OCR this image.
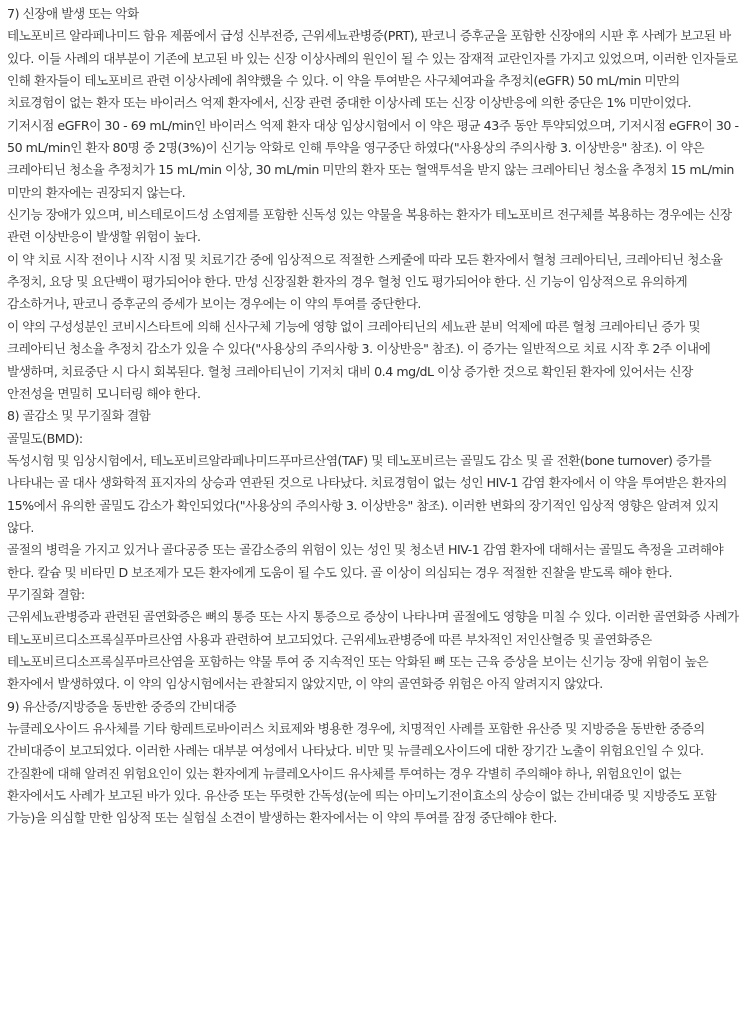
7) 신장애 발생 또는 악화

테노포비르 알라페나미드 함유 제품에서 급성 신부전증, 근위세뇨관병증(PRT), 판코니 증후군을 포함한 신장애의 시판 후 사례가 보고된 바 있다. 이들 사례의 대부분이 기존에 보고된 바 있는 신장 이상사례의 원인이 될 수 있는 잠재적 교란인자를 가지고 있었으며, 이러한 인자들로 인해 환자들이 테노포비르 관련 이상사례에 취약했을 수 있다. 이 약을 투여받은 사구체여과율 추정치(eGFR) 50 mL/min 미만의 치료경험이 없는 환자 또는 바이러스 억제 환자에서, 신장 관련 중대한 이상사례 또는 신장 이상반응에 의한 중단은 1% 미만이었다. 기저시점 eGFR이 30 - 69 mL/min인 바이러스 억제 환자 대상 임상시험에서 이 약은 평균 43주 동안 투약되었으며, 기저시점 eGFR이 30 - 50 mL/min인 환자 80명 중 2명(3%)이 신기능 악화로 인해 투약을 영구중단 하였다("사용상의 주의사항 3. 이상반응" 참조). 이 약은 크레아티닌 청소율 추정치가 15 mL/min 이상, 30 mL/min 미만의 환자 또는 혈액투석을 받지 않는 크레아티닌 청소율 추정치 15 mL/min 미만의 환자에는 권장되지 않는다.

신기능 장애가 있으며, 비스테로이드성 소염제를 포함한 신독성 있는 약물을 복용하는 환자가 테노포비르 전구체를 복용하는 경우에는 신장 관련 이상반응이 발생할 위험이 높다.

이 약 치료 시작 전이나 시작 시점 및 치료기간 중에 임상적으로 적절한 스케줄에 따라 모든 환자에서 혈청 크레아티닌, 크레아티닌 청소율 추정치, 요당 및 요단백이 평가되어야 한다. 만성 신장질환 환자의 경우 혈청 인도 평가되어야 한다. 신 기능이 임상적으로 유의하게 감소하거나, 판코니 증후군의 증세가 보이는 경우에는 이 약의 투여를 중단한다.

이 약의 구성성분인 코비시스타트에 의해 신사구체 기능에 영향 없이 크레아티닌의 세뇨관 분비 억제에 따른 혈청 크레아티닌 증가 및 크레아티닌 청소율 추정치 감소가 있을 수 있다("사용상의 주의사항 3. 이상반응" 참조). 이 증가는 일반적으로 치료 시작 후 2주 이내에 발생하며, 치료중단 시 다시 회복된다. 혈청 크레아티닌이 기저치 대비 0.4 mg/dL 이상 증가한 것으로 확인된 환자에 있어서는 신장 안전성을 면밀히 모니터링 해야 한다.

8) 골감소 및 무기질화 결함

골밀도(BMD):

독성시험 및 임상시험에서, 테노포비르알라페나미드푸마르산염(TAF) 및 테노포비르는 골밀도 감소 및 골 전환(bone turnover) 증가를 나타내는 골 대사 생화학적 표지자의 상승과 연관된 것으로 나타났다. 치료경험이 없는 성인 HIV-1 감염 환자에서 이 약을 투여받은 환자의 15%에서 유의한 골밀도 감소가 확인되었다("사용상의 주의사항 3. 이상반응" 참조). 이러한 변화의 장기적인 임상적 영향은 알려져 있지 않다.

골절의 병력을 가지고 있거나 골다공증 또는 골감소증의 위험이 있는 성인 및 청소년 HIV-1 감염 환자에 대해서는 골밀도 측정을 고려해야 한다. 칼슘 및 비타민 D 보조제가 모든 환자에게 도움이 될 수도 있다. 골 이상이 의심되는 경우 적절한 진찰을 받도록 해야 한다.

무기질화 결함:

근위세뇨관병증과 관련된 골연화증은 뼈의 통증 또는 사지 통증으로 증상이 나타나며 골절에도 영향을 미칠 수 있다. 이러한 골연화증 사례가 테노포비르디소프록실푸마르산염 사용과 관련하여 보고되었다. 근위세뇨관병증에 따른 부차적인 저인산혈증 및 골연화증은 테노포비르디소프록실푸마르산염을 포함하는 약물 투여 중 지속적인 또는 악화된 뼈 또는 근육 증상을 보이는 신기능 장애 위험이 높은 환자에서 발생하였다. 이 약의 임상시험에서는 관찰되지 않았지만, 이 약의 골연화증 위험은 아직 알려지지 않았다.

9) 유산증/지방증을 동반한 중증의 간비대증

뉴클레오사이드 유사체를 기타 항레트로바이러스 치료제와 병용한 경우에, 치명적인 사례를 포함한 유산증 및 지방증을 동반한 중증의 간비대증이 보고되었다. 이러한 사례는 대부분 여성에서 나타났다. 비만 및 뉴클레오사이드에 대한 장기간 노출이 위험요인일 수 있다. 간질환에 대해 알려진 위험요인이 있는 환자에게 뉴클레오사이드 유사체를 투여하는 경우 각별히 주의해야 하나, 위험요인이 없는 환자에서도 사례가 보고된 바가 있다. 유산증 또는 뚜렷한 간독성(눈에 띄는 아미노기전이효소의 상승이 없는 간비대증 및 지방증도 포함 가능)을 의심할 만한 임상적 또는 실험실 소견이 발생하는 환자에서는 이 약의 투여를 잠정 중단해야 한다.
